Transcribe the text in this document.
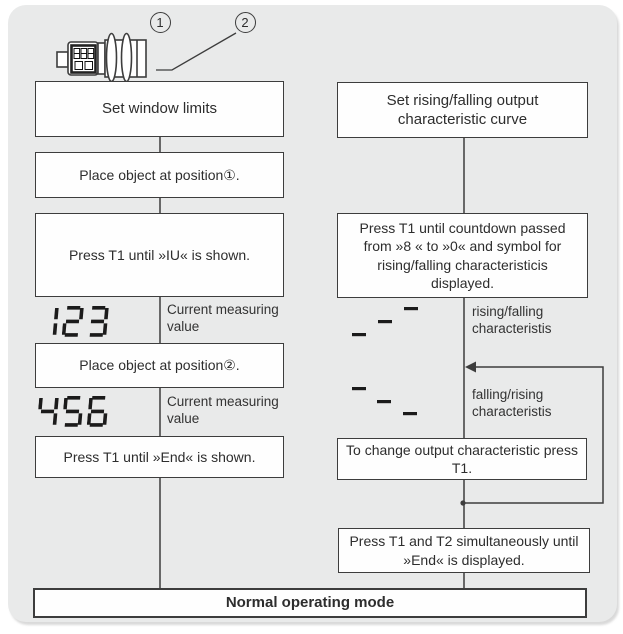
1	2
Set window limits
Place object at position①.
Press T1 until »IU« is shown.
Current measuring value
Place object at position②.
Current measuring value
Press T1 until »End« is shown.
Set rising/falling output characteristic curve
Press T1 until countdown passed from »8 « to »0« and symbol for rising/falling characteristicis displayed.
rising/falling characteristis
falling/rising characteristis
To change output characteristic press T1.
Press T1 and T2 simultaneously until »End« is displayed.
Normal operating mode
